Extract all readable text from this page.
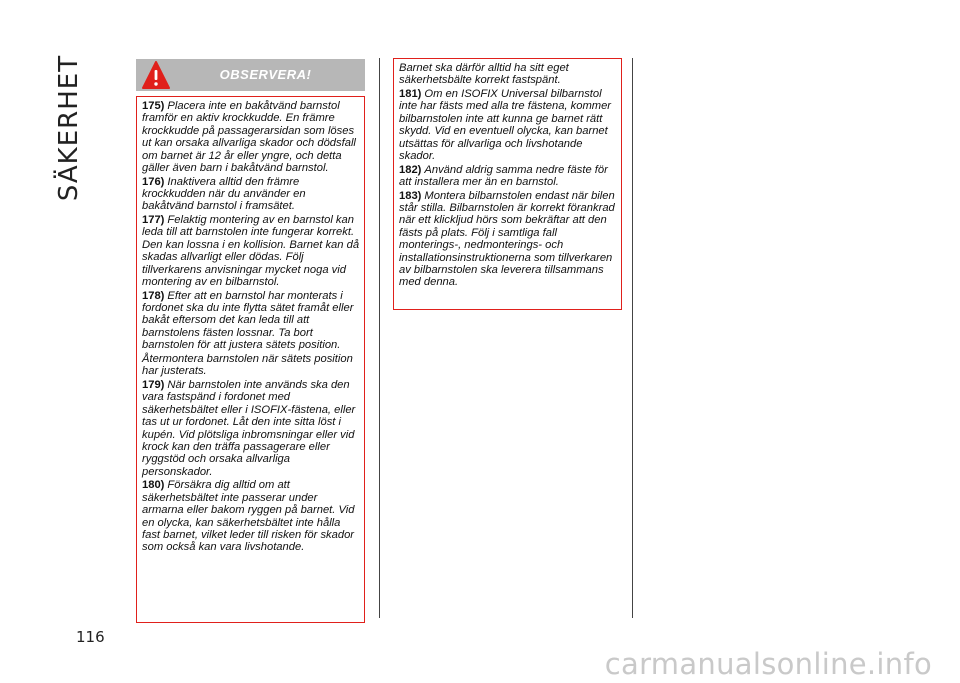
SÄKERHET	OBSERVERA!

175) Placera inte en bakåtvänd barnstol framför en aktiv krockkudde. En främre krockkudde på passagerarsidan som löses ut kan orsaka allvarliga skador och dödsfall om barnet är 12 år eller yngre, och detta gäller även barn i bakåtvänd barnstol.

176) Inaktivera alltid den främre krockkudden när du använder en bakåtvänd barnstol i framsätet.

177) Felaktig montering av en barnstol kan leda till att barnstolen inte fungerar korrekt. Den kan lossna i en kollision. Barnet kan då skadas allvarligt eller dödas. Följ tillverkarens anvisningar mycket noga vid montering av en bilbarnstol.

178) Efter att en barnstol har monterats i fordonet ska du inte flytta sätet framåt eller bakåt eftersom det kan leda till att barnstolens fästen lossnar. Ta bort barnstolen för att justera sätets position.

Återmontera barnstolen när sätets position har justerats.

179) När barnstolen inte används ska den vara fastspänd i fordonet med säkerhetsbältet eller i ISOFIX-fästena, eller tas ut ur fordonet. Låt den inte sitta löst i kupén. Vid plötsliga inbromsningar eller vid krock kan den träffa passagerare eller ryggstöd och orsaka allvarliga personskador.

180) Försäkra dig alltid om att säkerhetsbältet inte passerar under armarna eller bakom ryggen på barnet. Vid en olycka, kan säkerhetsbältet inte hålla fast barnet, vilket leder till risken för skador som också kan vara livshotande.

Barnet ska därför alltid ha sitt eget säkerhetsbälte korrekt fastspänt.

181) Om en ISOFIX Universal bilbarnstol inte har fästs med alla tre fästena, kommer bilbarnstolen inte att kunna ge barnet rätt skydd. Vid en eventuell olycka, kan barnet utsättas för allvarliga och livshotande skador.

182) Använd aldrig samma nedre fäste för att installera mer än en barnstol.

183) Montera bilbarnstolen endast när bilen står stilla. Bilbarnstolen är korrekt förankrad när ett klickljud hörs som bekräftar att den fästs på plats. Följ i samtliga fall monterings-, nedmonterings- och installationsinstruktionerna som tillverkaren av bilbarnstolen ska leverera tillsammans med denna.

116
carmanualsonline.info
